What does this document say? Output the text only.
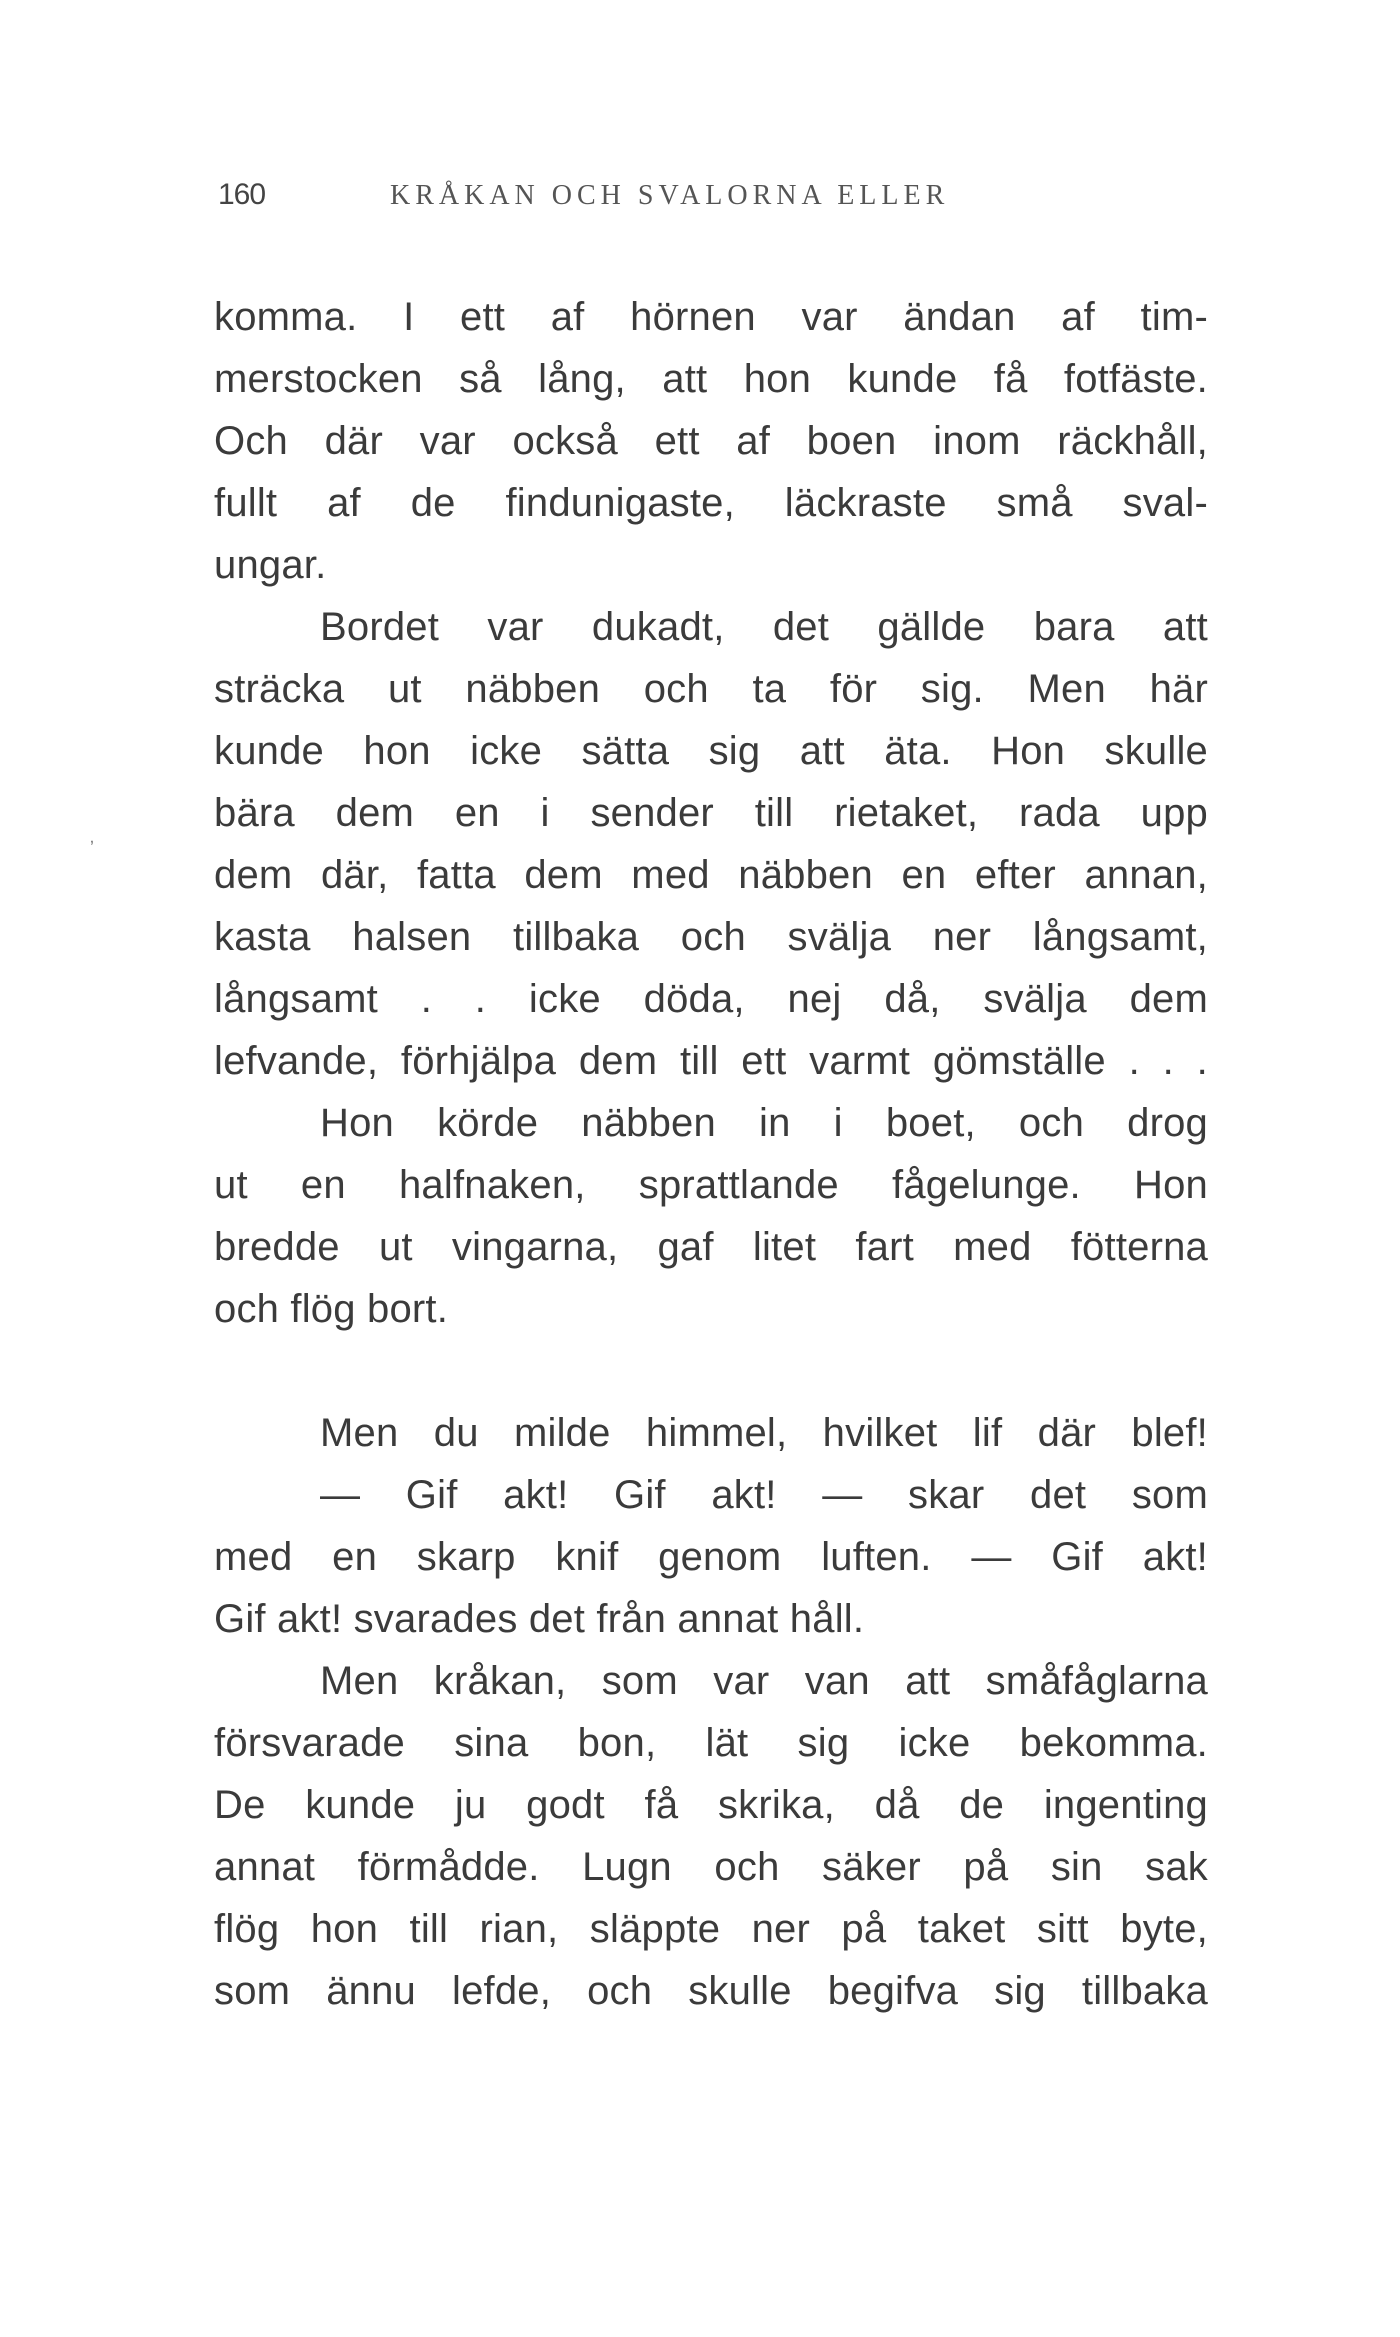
160	KRÅKAN OCH SVALORNA ELLER
ʼ
komma. I ett af hörnen var ändan af tim-
merstocken så lång, att hon kunde få fotfäste.
Och där var också ett af boen inom räckhåll,
fullt af de findunigaste, läckraste små sval-
ungar.
Bordet var dukadt, det gällde bara att
sträcka ut näbben och ta för sig. Men här
kunde hon icke sätta sig att äta. Hon skulle
bära dem en i sender till rietaket, rada upp
dem där, fatta dem med näbben en efter annan,
kasta halsen tillbaka och svälja ner långsamt,
långsamt . . icke döda, nej då, svälja dem
lefvande, förhjälpa dem till ett varmt gömställe . . .
Hon körde näbben in i boet, och drog
ut en halfnaken, sprattlande fågelunge. Hon
bredde ut vingarna, gaf litet fart med fötterna
och flög bort.
Men du milde himmel, hvilket lif där blef!
— Gif akt! Gif akt! — skar det som
med en skarp knif genom luften. — Gif akt!
Gif akt! svarades det från annat håll.
Men kråkan, som var van att småfåglarna
försvarade sina bon, lät sig icke bekomma.
De kunde ju godt få skrika, då de ingenting
annat förmådde. Lugn och säker på sin sak
flög hon till rian, släppte ner på taket sitt byte,
som ännu lefde, och skulle begifva sig tillbaka
